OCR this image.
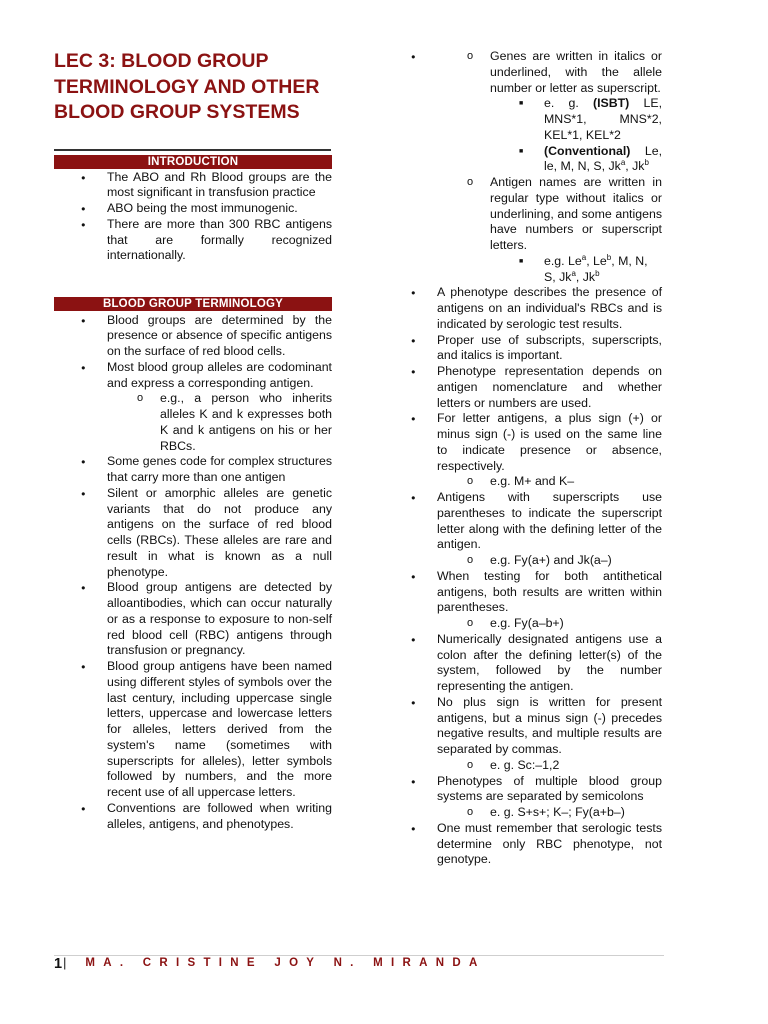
LEC 3: BLOOD GROUP TERMINOLOGY AND OTHER BLOOD GROUP SYSTEMS
INTRODUCTION
● The ABO and Rh Blood groups are the most significant in transfusion practice
● ABO being the most immunogenic.
● There are more than 300 RBC antigens that are formally recognized internationally.
BLOOD GROUP TERMINOLOGY
● Blood groups are determined by the presence or absence of specific antigens on the surface of red blood cells.
● Most blood group alleles are codominant and express a corresponding antigen.
o e.g., a person who inherits alleles K and k expresses both K and k antigens on his or her RBCs.
● Some genes code for complex structures that carry more than one antigen
● Silent or amorphic alleles are genetic variants that do not produce any antigens on the surface of red blood cells (RBCs). These alleles are rare and result in what is known as a null phenotype.
● Blood group antigens are detected by alloantibodies, which can occur naturally or as a response to exposure to non-self red blood cell (RBC) antigens through transfusion or pregnancy.
● Blood group antigens have been named using different styles of symbols over the last century, including uppercase single letters, uppercase and lowercase letters for alleles, letters derived from the system's name (sometimes with superscripts for alleles), letter symbols followed by numbers, and the more recent use of all uppercase letters.
● Conventions are followed when writing alleles, antigens, and phenotypes.
o ● Genes are written in italics or underlined, with the allele number or letter as superscript.
■ e. g. (ISBT) LE, MNS*1, MNS*2, KEL*1, KEL*2
■ (Conventional) Le, le, M, N, S, Jk$^a$, Jk$^b$
o Antigen names are written in regular type without italics or underlining, and some antigens have numbers or superscript letters.
■ e.g. Le$^a$, Le$^b$, M, N, S, Jk$^a$, Jk$^b$
● A phenotype describes the presence of antigens on an individual's RBCs and is indicated by serologic test results.
● Proper use of subscripts, superscripts, and italics is important.
● Phenotype representation depends on antigen nomenclature and whether letters or numbers are used.
● For letter antigens, a plus sign (+) or minus sign (-) is used on the same line to indicate presence or absence, respectively.
o e.g. M+ and K–
● Antigens with superscripts use parentheses to indicate the superscript letter along with the defining letter of the antigen.
o e.g. Fy(a+) and Jk(a–)
● When testing for both antithetical antigens, both results are written within parentheses.
o e.g. Fy(a–b+)
● Numerically designated antigens use a colon after the defining letter(s) of the system, followed by the number representing the antigen.
● No plus sign is written for present antigens, but a minus sign (-) precedes negative results, and multiple results are separated by commas.
o e. g. Sc:–1,2
● Phenotypes of multiple blood group systems are separated by semicolons
o e. g. S+s+; K–; Fy(a+b–)
● One must remember that serologic tests determine only RBC phenotype, not genotype.
1| MA. CRISTINE JOY N. MIRANDA
